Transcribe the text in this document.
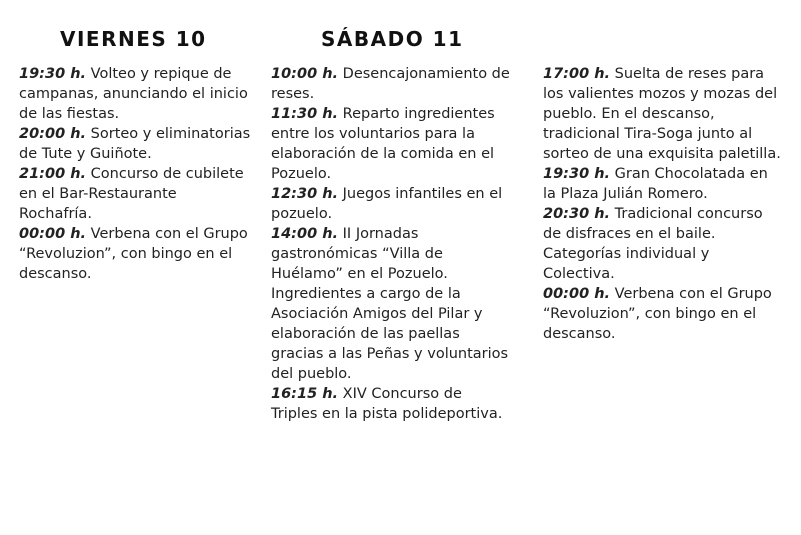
VIERNES 10	SÁBADO 11

19:30 h. Volteo y repique de campanas, anunciando el inicio de las fiestas.

20:00 h. Sorteo y eliminatorias de Tute y Guiñote.

21:00 h. Concurso de cubilete en el Bar-Restaurante Rochafría.

00:00 h. Verbena con el Grupo “Revoluzion”, con bingo en el descanso.

10:00 h. Desencajonamiento de reses.

11:30 h. Reparto ingredientes entre los voluntarios para la elaboración de la comida en el Pozuelo.

12:30 h. Juegos infantiles en el pozuelo.

14:00 h. II Jornadas gastronómicas “Villa de Huélamo” en el Pozuelo. Ingredientes a cargo de la Asociación Amigos del Pilar y elaboración de las paellas gracias a las Peñas y voluntarios del pueblo.

16:15 h. XIV Concurso de Triples en la pista polideportiva.

17:00 h. Suelta de reses para los valientes mozos y mozas del pueblo. En el descanso, tradicional Tira-Soga junto al sorteo de una exquisita paletilla.

19:30 h. Gran Chocolatada en la Plaza Julián Romero.

20:30 h. Tradicional concurso de disfraces en el baile. Categorías individual y Colectiva.

00:00 h. Verbena con el Grupo “Revoluzion”, con bingo en el descanso.
